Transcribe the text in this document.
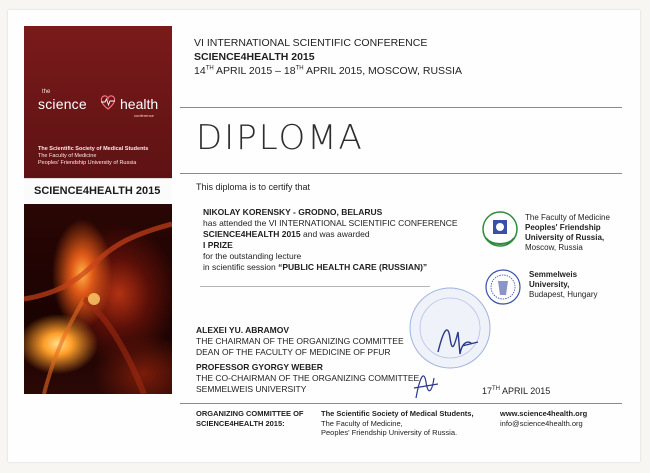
the
science health
conference
The Scientific Society of Medical Students
The Faculty of Medicine
Peoples' Friendship University of Russia
SCIENCE4HEALTH 2015
VI INTERNATIONAL SCIENTIFIC CONFERENCE
SCIENCE4HEALTH 2015
14TH APRIL 2015 – 18TH APRIL 2015, MOSCOW, RUSSIA
DIPLOMA
This diploma is to certify that
NIKOLAY KORENSKY - GRODNO, BELARUS
has attended the VI INTERNATIONAL SCIENTIFIC CONFERENCE
SCIENCE4HEALTH 2015 and was awarded
I PRIZE
for the outstanding lecture
in scientific session “PUBLIC HEALTH CARE (RUSSIAN)”
The Faculty of Medicine
Peoples' Friendship
University of Russia,
Moscow, Russia
Semmelweis
University,
Budapest, Hungary
ALEXEI YU. ABRAMOV
THE CHAIRMAN OF THE ORGANIZING COMMITTEE
DEAN OF THE FACULTY OF MEDICINE OF PFUR
PROFESSOR GYORGY WEBER
THE CO-CHAIRMAN OF THE ORGANIZING COMMITTEE
SEMMELWEIS UNIVERSITY	17TH APRIL 2015
ORGANIZING COMMITTEE OF
SCIENCE4HEALTH 2015:
The Scientific Society of Medical Students,
The Faculty of Medicine,
Peoples' Friendship University of Russia.
www.science4health.org
info@science4health.org
